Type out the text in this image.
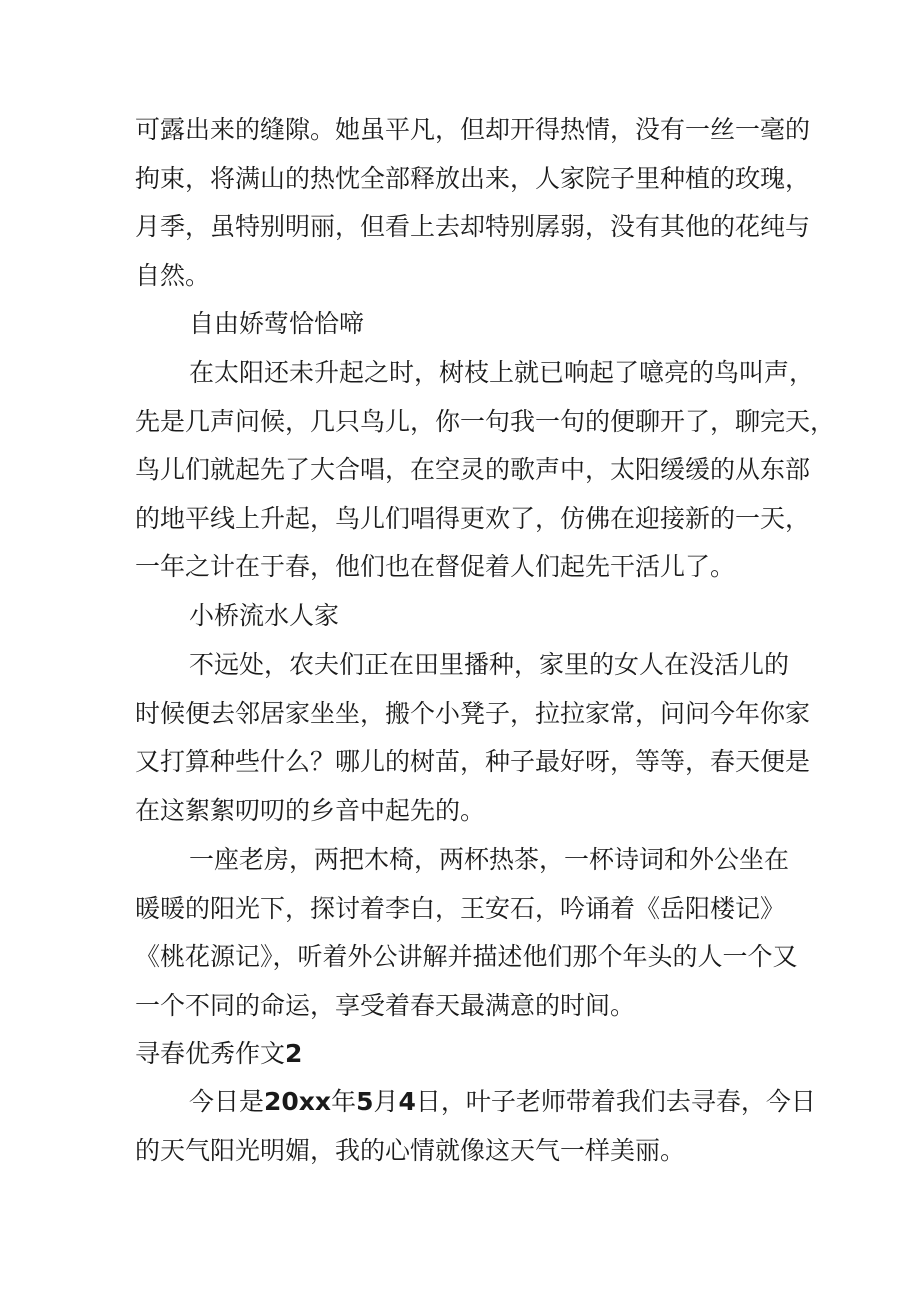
可露出来的缝隙。她虽平凡，但却开得热情，没有一丝一毫的
拘束，将满山的热忱全部释放出来，人家院子里种植的玫瑰，
月季，虽特别明丽，但看上去却特别孱弱，没有其他的花纯与
自然。
自由娇莺恰恰啼
在太阳还未升起之时，树枝上就已响起了噫亮的鸟叫声，
先是几声问候，几只鸟儿，你一句我一句的便聊开了，聊完天，
鸟儿们就起先了大合唱，在空灵的歌声中，太阳缓缓的从东部
的地平线上升起，鸟儿们唱得更欢了，仿佛在迎接新的一天，
一年之计在于春，他们也在督促着人们起先干活儿了。
小桥流水人家
不远处，农夫们正在田里播种，家里的女人在没活儿的
时候便去邻居家坐坐，搬个小凳子，拉拉家常，问问今年你家
又打算种些什么？哪儿的树苗，种子最好呀，等等，春天便是
在这絮絮叨叨的乡音中起先的。
一座老房，两把木椅，两杯热茶，一杯诗词和外公坐在
暖暖的阳光下，探讨着李白，王安石，吟诵着《岳阳楼记》
《桃花源记》，听着外公讲解并描述他们那个年头的人一个又
一个不同的命运，享受着春天最满意的时间。
寻春优秀作文2
今日是20xx年5月4日，叶子老师带着我们去寻春，今日
的天气阳光明媚，我的心情就像这天气一样美丽。
